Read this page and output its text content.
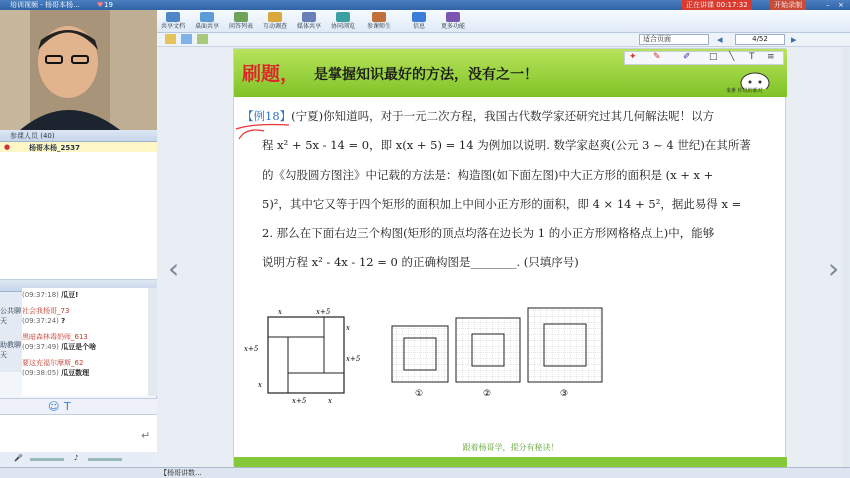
培训视频 - 杨哥本杨... ♥ 19	正在讲课 00:17:32	开始录制	– ×
参课人员 (40)
●	杨哥本杨_2537
公共聊天
助教聊天
(09:37:18) 瓜豆!
社会我杨哥_73
(09:37:24) ?
黑暗森林毒奶师_613
(09:37:49) 瓜豆是个啥
要这充福尔摩斯_62
(09:38:05) 瓜豆数理
☺ T
↵
🎤	♪
共享文档	桌面共享	问答列表	互动调查	媒体共享	协同浏览	参课师生	信息	更多功能
适合页面	◂	4/52	▸
‹	›
刷题， 是掌握知识最好的方法，没有之一！
✦ ✎ ✐ □ ╲ T ≡
鬼畜 你说的都对
【例18】(宁夏)你知道吗，对于一元二次方程，我国古代数学家还研究过其几何解法呢！以方
程 x² + 5x - 14 = 0，即 x(x + 5) = 14 为例加以说明. 数学家赵爽(公元 3 ~ 4 世纪)在其所著
的《勾股圆方图注》中记载的方法是：构造图(如下面左图)中大正方形的面积是 (x + x +
5)²，其中它又等于四个矩形的面积加上中间小正方形的面积，即 4 × 14 + 5²，据此易得 x =
2. 那么在下面右边三个构图(矩形的顶点均落在边长为 1 的小正方形网格格点上)中，能够
说明方程 x² - 4x - 12 = 0 的正确构图是________. (只填序号)
x	x+5
x
x+5
x+5
x
x+5	x
①	②	③
跟着杨哥学，提分有秘诀！
【杨哥讲数...
